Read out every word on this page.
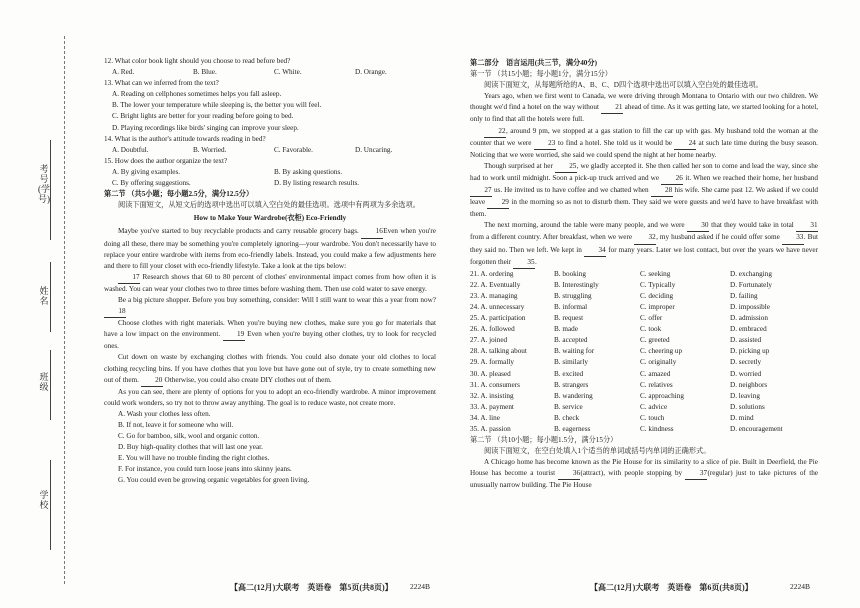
考号(学号)
姓名
班级
学校

12. What color book light should you choose to read before bed?

A. Red.	B. Blue.	C. White.	D. Orange.

13. What can we inferred from the text?

A. Reading on cellphones sometimes helps you fall asleep.

B. The lower your temperature while sleeping is, the better you will feel.

C. Bright lights are better for your reading before going to bed.

D. Playing recordings like birds' singing can improve your sleep.

14. What is the author's attitude towards reading in bed?

A. Doubtful.	B. Worried.	C. Favorable.	D. Uncaring.

15. How does the author organize the text?

A. By giving examples.	B. By asking questions.
C. By offering suggestions.	D. By listing research results.

第二节 （共5小题；每小题2.5分，满分12.5分）

阅读下面短文，从短文后的选项中选出可以填入空白处的最佳选项。选项中有两项为多余选项。

How to Make Your Wardrobe(衣柜) Eco-Friendly

Maybe you've started to buy recyclable products and carry reusable grocery bags. 16Even when you're doing all these, there may be something you're completely ignoring—your wardrobe. You don't necessarily have to replace your entire wardrobe with items from eco-friendly labels. Instead, you could make a few adjustments here and there to fill your closet with eco-friendly lifestyle. Take a look at the tips below:

17 Research shows that 60 to 80 percent of clothes' environmental impact comes from how often it is washed. You can wear your clothes two to three times before washing them. Then use cold water to save energy.

Be a big picture shopper. Before you buy something, consider: Will I still want to wear this a year from now? 18

Choose clothes with right materials. When you're buying new clothes, make sure you go for materials that have a low impact on the environment. 19 Even when you're buying other clothes, try to look for recycled ones.

Cut down on waste by exchanging clothes with friends. You could also donate your old clothes to local clothing recycling bins. If you have clothes that you love but have gone out of style, try to create something new out of them. 20 Otherwise, you could also create DIY clothes out of them.

As you can see, there are plenty of options for you to adopt an eco-friendly wardrobe. A minor improvement could work wonders, so try not to throw away anything. The goal is to reduce waste, not create more.

A. Wash your clothes less often.

B. If not, leave it for someone who will.

C. Go for bamboo, silk, wool and organic cotton.

D. Buy high-quality clothes that will last one year.

E. You will have no trouble finding the right clothes.

F. For instance, you could turn loose jeans into skinny jeans.

G. You could even be growing organic vegetables for green living.

【高二(12月)大联考　英语卷　第5页(共8页)】 2224B

第二部分　语言运用(共三节，满分40分)

第一节 （共15小题；每小题1分，满分15分）

阅读下面短文，从每题所给的A、B、C、D四个选项中选出可以填入空白处的最佳选项。

Years ago, when we first went to Canada, we were driving through Montana to Ontario with our two children. We thought we'd find a hotel on the way without 21 ahead of time. As it was getting late, we started looking for a hotel, only to find that all the hotels were full.

22, around 9 pm, we stopped at a gas station to fill the car up with gas. My husband told the woman at the counter that we were 23 to find a hotel. She told us it would be 24 at such late time during the busy season. Noticing that we were worried, she said we could spend the night at her home nearby.

Though surprised at her 25, we gladly accepted it. She then called her son to come and lead the way, since she had to work until midnight. Soon a pick-up truck arrived and we 26 it. When we reached their home, her husband 27 us. He invited us to have coffee and we chatted when 28 his wife. She came past 12. We asked if we could leave 29 in the morning so as not to disturb them. They said we were guests and we'd have to have breakfast with them.

The next morning, around the table were many people, and we were 30 that they would take in total 31 from a different country. After breakfast, when we were 32, my husband asked if he could offer some 33. But they said no. Then we left. We kept in 34 for many years. Later we lost contact, but over the years we have never forgotten their 35.

21. A. ordering	B. booking	C. seeking	D. exchanging
22. A. Eventually	B. Interestingly	C. Typically	D. Fortunately
23. A. managing	B. struggling	C. deciding	D. failing
24. A. unnecessary	B. informal	C. improper	D. impossible
25. A. participation	B. request	C. offer	D. admission
26. A. followed	B. made	C. took	D. embraced
27. A. joined	B. accepted	C. greeted	D. assisted
28. A. talking about	B. waiting for	C. cheering up	D. picking up
29. A. formally	B. similarly	C. originally	D. secretly
30. A. pleased	B. excited	C. amazed	D. worried
31. A. consumers	B. strangers	C. relatives	D. neighbors
32. A. insisting	B. wandering	C. approaching	D. leaving
33. A. payment	B. service	C. advice	D. solutions
34. A. line	B. check	C. touch	D. mind
35. A. passion	B. eagerness	C. kindness	D. encouragement

第二节 （共10小题；每小题1.5分，满分15分）

阅读下面短文，在空白处填入1个适当的单词或括号内单词的正确形式。

A Chicago home has become known as the Pie House for its similarity to a slice of pie. Built in Deerfield, the Pie House has become a tourist 36(attract), with people stopping by 37(regular) just to take pictures of the unusually narrow building. The Pie House

【高二(12月)大联考　英语卷　第6页(共8页)】	2224B
